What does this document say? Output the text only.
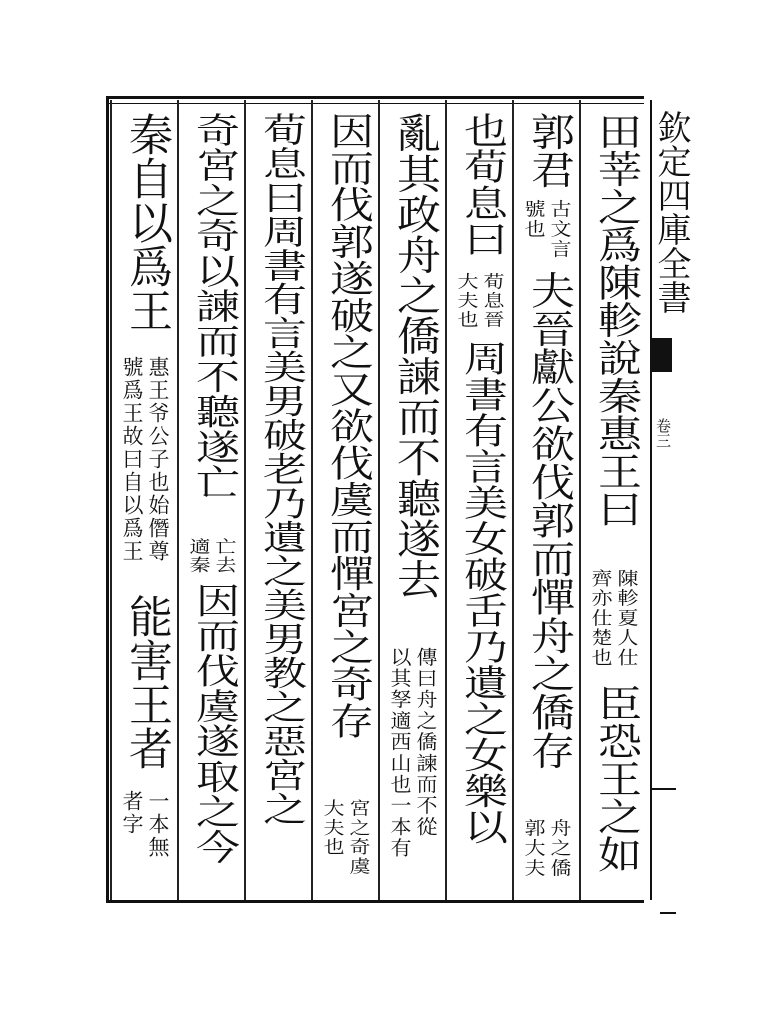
欽定四庫全書
卷三
田莘之爲陳軫說秦惠王曰
陳軫夏人仕
齊亦仕楚也
臣恐王之如
郭君
古文言
號也
夫晉獻公欲伐郭而憚舟之僑存
舟之僑
郭大夫
也荀息曰
荀息晉
大夫也
周書有言美女破舌乃遺之女樂以
亂其政舟之僑諫而不聽遂去
傳曰舟之僑諫而不從
以其孥適西山也一本有
因而伐郭遂破之又欲伐虞而憚宮之奇存
宮之奇虞
大夫也
荀息曰周書有言美男破老乃遺之美男教之惡宮之
奇宮之奇以諫而不聽遂亡
亡去
適秦
因而伐虞遂取之今
秦自以爲王
惠王爷公子也始僭尊
號爲王故曰自以爲王
能害王者
一本無
者字
